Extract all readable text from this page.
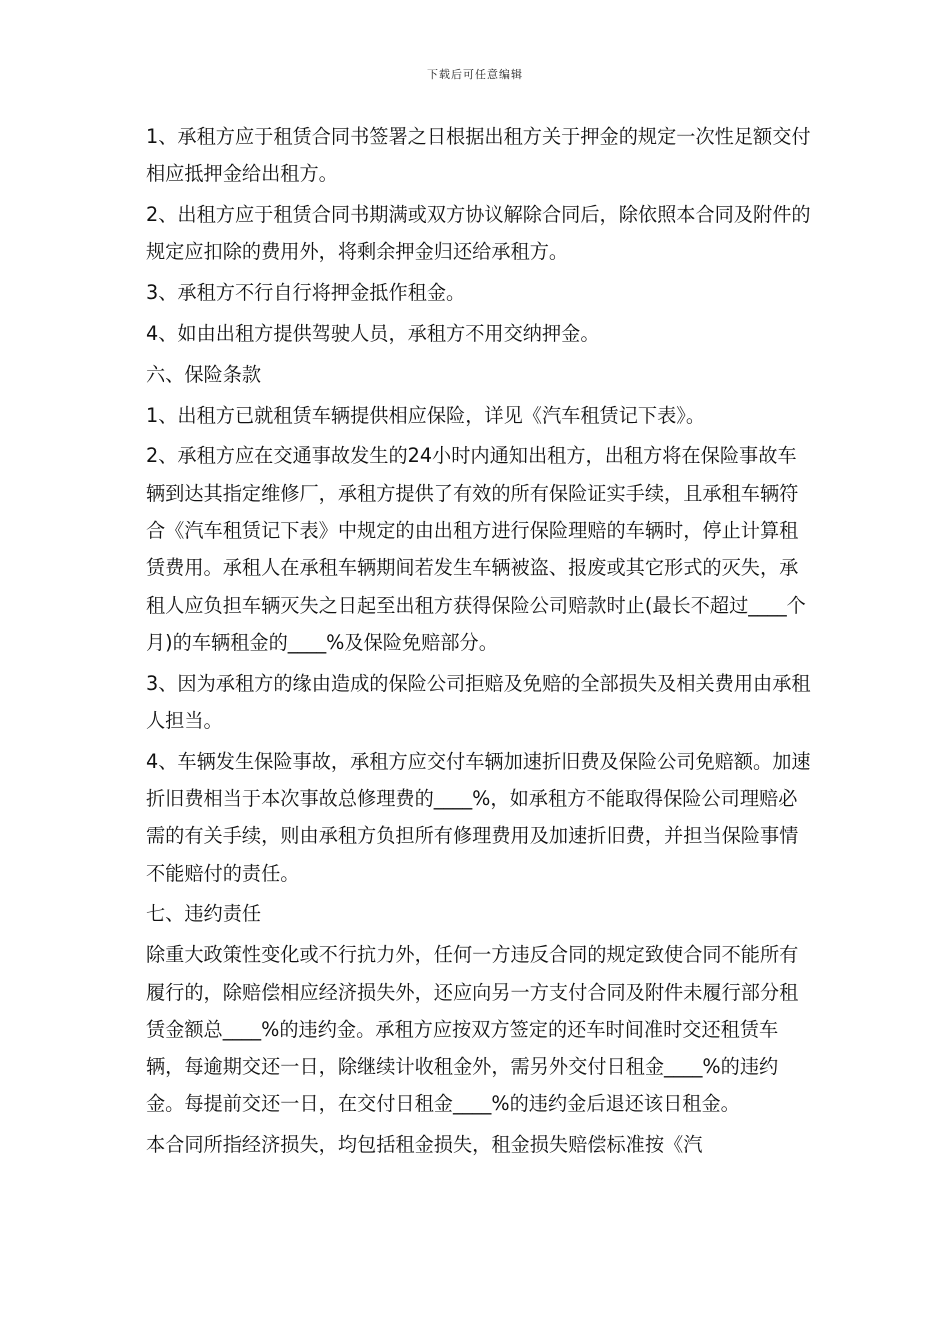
下载后可任意编辑

1、承租方应于租赁合同书签署之日根据出租方关于押金的规定一次性足额交付相应抵押金给出租方。

2、出租方应于租赁合同书期满或双方协议解除合同后，除依照本合同及附件的规定应扣除的费用外，将剩余押金归还给承租方。

3、承租方不行自行将押金抵作租金。

4、如由出租方提供驾驶人员，承租方不用交纳押金。

六、保险条款

1、出租方已就租赁车辆提供相应保险，详见《汽车租赁记下表》。

2、承租方应在交通事故发生的24小时内通知出租方，出租方将在保险事故车辆到达其指定维修厂，承租方提供了有效的所有保险证实手续，且承租车辆符合《汽车租赁记下表》中规定的由出租方进行保险理赔的车辆时，停止计算租赁费用。承租人在承租车辆期间若发生车辆被盗、报废或其它形式的灭失，承租人应负担车辆灭失之日起至出租方获得保险公司赔款时止(最长不超过____个月)的车辆租金的____%及保险免赔部分。

3、因为承租方的缘由造成的保险公司拒赔及免赔的全部损失及相关费用由承租人担当。

4、车辆发生保险事故，承租方应交付车辆加速折旧费及保险公司免赔额。加速折旧费相当于本次事故总修理费的____%，如承租方不能取得保险公司理赔必需的有关手续，则由承租方负担所有修理费用及加速折旧费，并担当保险事情不能赔付的责任。

七、违约责任

除重大政策性变化或不行抗力外，任何一方违反合同的规定致使合同不能所有履行的，除赔偿相应经济损失外，还应向另一方支付合同及附件未履行部分租赁金额总____%的违约金。承租方应按双方签定的还车时间准时交还租赁车辆，每逾期交还一日，除继续计收租金外，需另外交付日租金____%的违约金。每提前交还一日，在交付日租金____%的违约金后退还该日租金。

本合同所指经济损失，均包括租金损失，租金损失赔偿标准按《汽
